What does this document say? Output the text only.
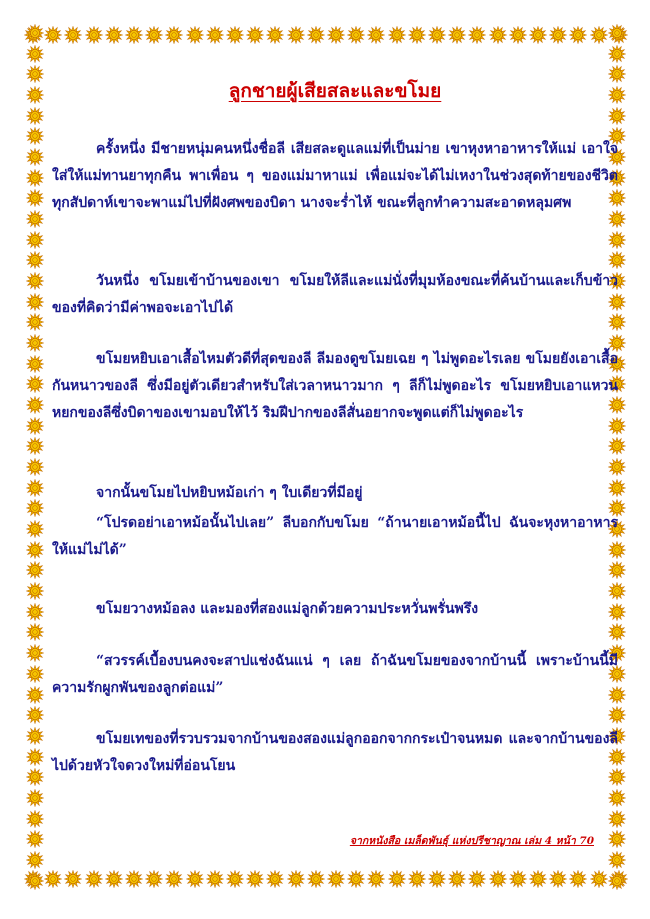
ลูกชายผู้เสียสละและขโมย
ครั้งหนึ่ง มีชายหนุ่มคนหนึ่งชื่อลี เสียสละดูแลแม่ที่เป็นม่าย เขาหุงหาอาหารให้แม่ เอาใจใส่ให้แม่ทานยาทุกคืน พาเพื่อน ๆ ของแม่มาหาแม่ เพื่อแม่จะได้ไม่เหงาในช่วงสุดท้ายของชีวิต ทุกสัปดาห์เขาจะพาแม่ไปที่ฝังศพของบิดา นางจะร่ำไห้ ขณะที่ลูกทำความสะอาดหลุมศพ
วันหนึ่ง ขโมยเข้าบ้านของเขา ขโมยให้ลีและแม่นั่งที่มุมห้องขณะที่ค้นบ้านและเก็บข้าวของที่คิดว่ามีค่าพอจะเอาไปได้
ขโมยหยิบเอาเสื้อไหมตัวดีที่สุดของลี ลีมองดูขโมยเฉย ๆ ไม่พูดอะไรเลย ขโมยยังเอาเสื้อกันหนาวของลี ซึ่งมีอยู่ตัวเดียวสำหรับใส่เวลาหนาวมาก ๆ ลีก็ไม่พูดอะไร ขโมยหยิบเอาแหวนหยกของลีซึ่งบิดาของเขามอบให้ไว้ ริมฝีปากของลีสั่นอยากจะพูดแต่ก็ไม่พูดอะไร
จากนั้นขโมยไปหยิบหม้อเก่า ๆ ใบเดียวที่มีอยู่
“โปรดอย่าเอาหม้อนั้นไปเลย” ลีบอกกับขโมย “ถ้านายเอาหม้อนี้ไป ฉันจะหุงหาอาหารให้แม่ไม่ได้”
ขโมยวางหม้อลง และมองที่สองแม่ลูกด้วยความประหวั่นพรั่นพรึง
“สวรรค์เบื้องบนคงจะสาปแช่งฉันแน่ ๆ เลย ถ้าฉันขโมยของจากบ้านนี้ เพราะบ้านนี้มีความรักผูกพันของลูกต่อแม่”
ขโมยเทของที่รวบรวมจากบ้านของสองแม่ลูกออกจากกระเป๋าจนหมด และจากบ้านของลีไปด้วยหัวใจดวงใหม่ที่อ่อนโยน
จากหนังสือ เมล็ดพันธุ์ แห่งปรีชาญาณ เล่ม 4 หน้า 70
